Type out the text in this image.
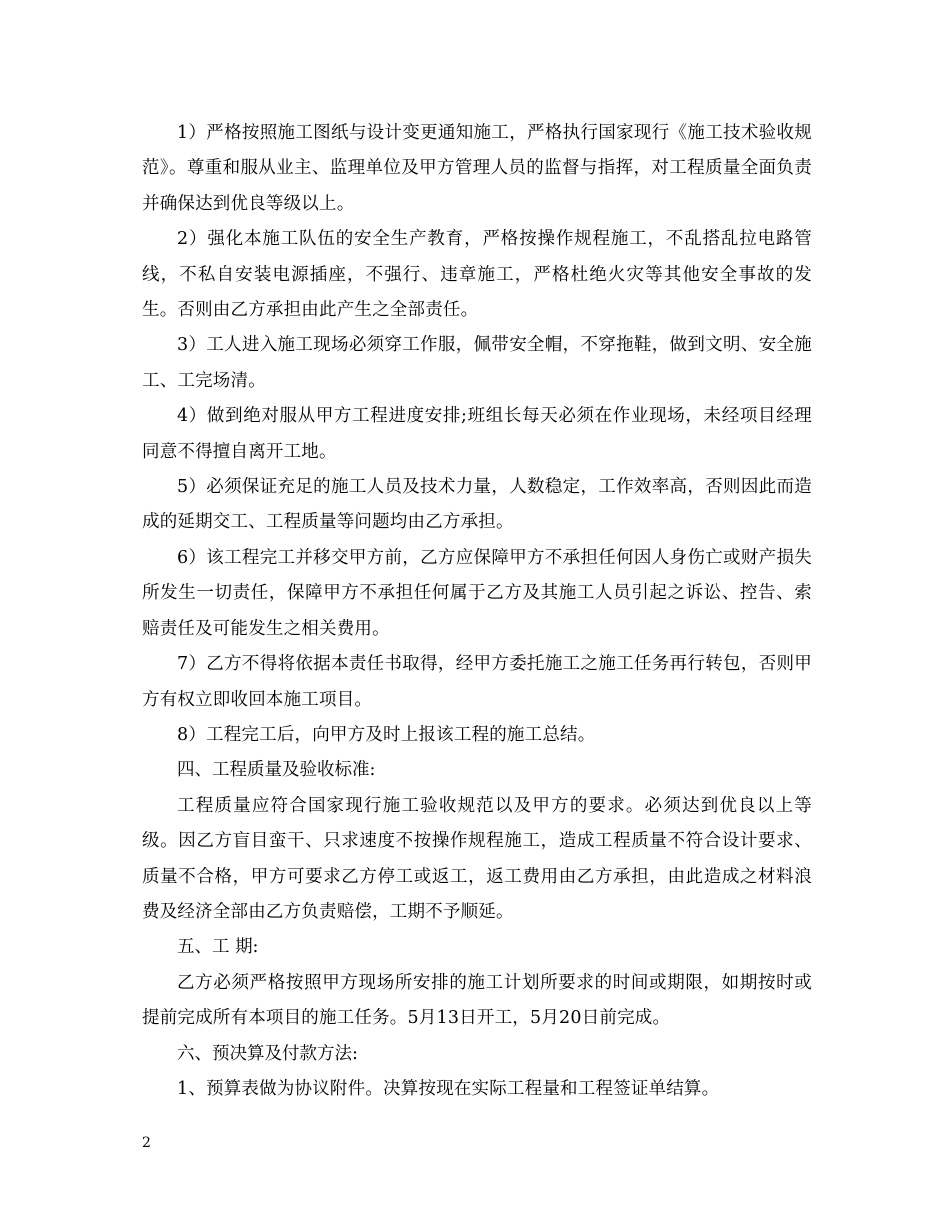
1）严格按照施工图纸与设计变更通知施工，严格执行国家现行《施工技术验收规范》。尊重和服从业主、监理单位及甲方管理人员的监督与指挥，对工程质量全面负责并确保达到优良等级以上。

2）强化本施工队伍的安全生产教育，严格按操作规程施工，不乱搭乱拉电路管线，不私自安装电源插座，不强行、违章施工，严格杜绝火灾等其他安全事故的发生。否则由乙方承担由此产生之全部责任。

3）工人进入施工现场必须穿工作服，佩带安全帽，不穿拖鞋，做到文明、安全施工、工完场清。

4）做到绝对服从甲方工程进度安排;班组长每天必须在作业现场，未经项目经理同意不得擅自离开工地。

5）必须保证充足的施工人员及技术力量，人数稳定，工作效率高，否则因此而造成的延期交工、工程质量等问题均由乙方承担。

6）该工程完工并移交甲方前，乙方应保障甲方不承担任何因人身伤亡或财产损失所发生一切责任，保障甲方不承担任何属于乙方及其施工人员引起之诉讼、控告、索赔责任及可能发生之相关费用。

7）乙方不得将依据本责任书取得，经甲方委托施工之施工任务再行转包，否则甲方有权立即收回本施工项目。

8）工程完工后，向甲方及时上报该工程的施工总结。

四、工程质量及验收标准:

工程质量应符合国家现行施工验收规范以及甲方的要求。必须达到优良以上等级。因乙方盲目蛮干、只求速度不按操作规程施工，造成工程质量不符合设计要求、质量不合格，甲方可要求乙方停工或返工，返工费用由乙方承担，由此造成之材料浪费及经济全部由乙方负责赔偿，工期不予顺延。

五、工 期:

乙方必须严格按照甲方现场所安排的施工计划所要求的时间或期限，如期按时或提前完成所有本项目的施工任务。5月13日开工，5月20日前完成。

六、预决算及付款方法:

1、预算表做为协议附件。决算按现在实际工程量和工程签证单结算。

2
